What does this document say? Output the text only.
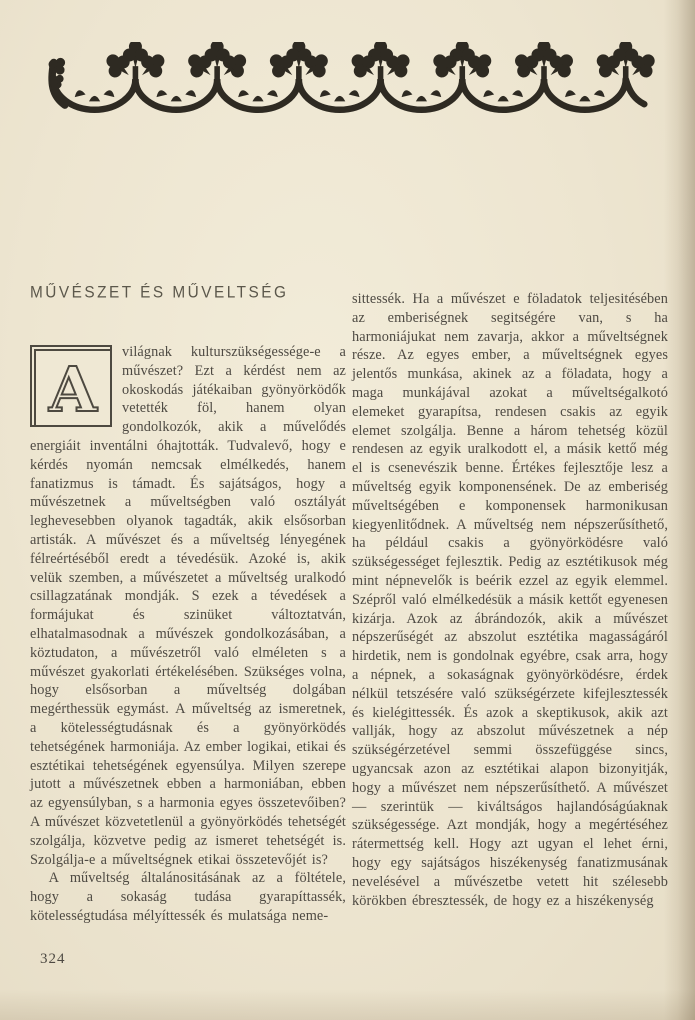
MŰVÉSZET ÉS MŰVELTSÉG
A

világnak kulturszükségessége-e a művészet? Ezt a kérdést nem az okoskodás játékaiban gyönyörködők vetették föl, hanem olyan gondolkozók, akik a művelődés energiáit inventálni óhajtották. Tudvalevő, hogy e kérdés nyomán nemcsak elmélkedés, hanem fanatizmus is támadt. És sajátságos, hogy a művészetnek a műveltségben való osztályát leghevesebben olyanok tagadták, akik elsősorban artisták. A művészet és a műveltség lényegének félreértéséből eredt a tévedésük. Azoké is, akik velük szemben, a művészetet a műveltség uralkodó csillagzatának mondják. S ezek a tévedések a formájukat és szinüket változtatván, elhatalmasodnak a művészek gondolkozásában, a köztudaton, a művészetről való elméleten s a művészet gyakorlati értékelésében. Szükséges volna, hogy elsősorban a műveltség dolgában megérthessük egymást. A műveltség az ismeretnek, a kötelességtudásnak és a gyönyörködés tehetségének harmoniája. Az ember logikai, etikai és esztétikai tehetségének egyensúlya. Milyen szerepe jutott a művészetnek ebben a harmoniában, ebben az egyensúlyban, s a harmonia egyes összetevőiben? A művészet közvetetlenül a gyönyörködés tehetségét szolgálja, közvetve pedig az ismeret tehetségét is. Szolgálja-e a műveltségnek etikai összetevőjét is?

A műveltség általánositásának az a föltétele, hogy a sokaság tudása gyarapíttassék, kötelességtudása mélyíttessék és mulatsága neme-

sittessék. Ha a művészet e föladatok teljesitésében az emberiségnek segitségére van, s ha harmoniájukat nem zavarja, akkor a műveltségnek része. Az egyes ember, a műveltségnek egyes jelentős munkása, akinek az a föladata, hogy a maga munkájával azokat a műveltségalkotó elemeket gyarapítsa, rendesen csakis az egyik elemet szolgálja. Benne a három tehetség közül rendesen az egyik uralkodott el, a másik kettő még el is csenevészik benne. Értékes fejlesztője lesz a műveltség egyik komponensének. De az emberiség műveltségében e komponensek harmonikusan kiegyenlitődnek. A műveltség nem népszerűsíthető, ha például csakis a gyönyörködésre való szükségességet fejlesztik. Pedig az esztétikusok még mint népnevelők is beérik ezzel az egyik elemmel. Szépről való elmélkedésük a másik kettőt egyenesen kizárja. Azok az ábrándozók, akik a művészet népszerűségét az abszolut esztétika magasságáról hirdetik, nem is gondolnak egyébre, csak arra, hogy a népnek, a sokaságnak gyönyörködésre, érdek nélkül tetszésére való szükségérzete kifejlesztessék és kielégittessék. És azok a skeptikusok, akik azt vallják, hogy az abszolut művészetnek a nép szükségérzetével semmi összefüggése sincs, ugyancsak azon az esztétikai alapon bizonyitják, hogy a művészet nem népszerűsíthető. A művészet — szerintük — kiváltságos hajlandóságúaknak szükségessége. Azt mondják, hogy a megértéséhez rátermettség kell. Hogy azt ugyan el lehet érni, hogy egy sajátságos hiszékenység fanatizmusának nevelésével a művészetbe vetett hit szélesebb körökben ébresztessék, de hogy ez a hiszékenység

324
